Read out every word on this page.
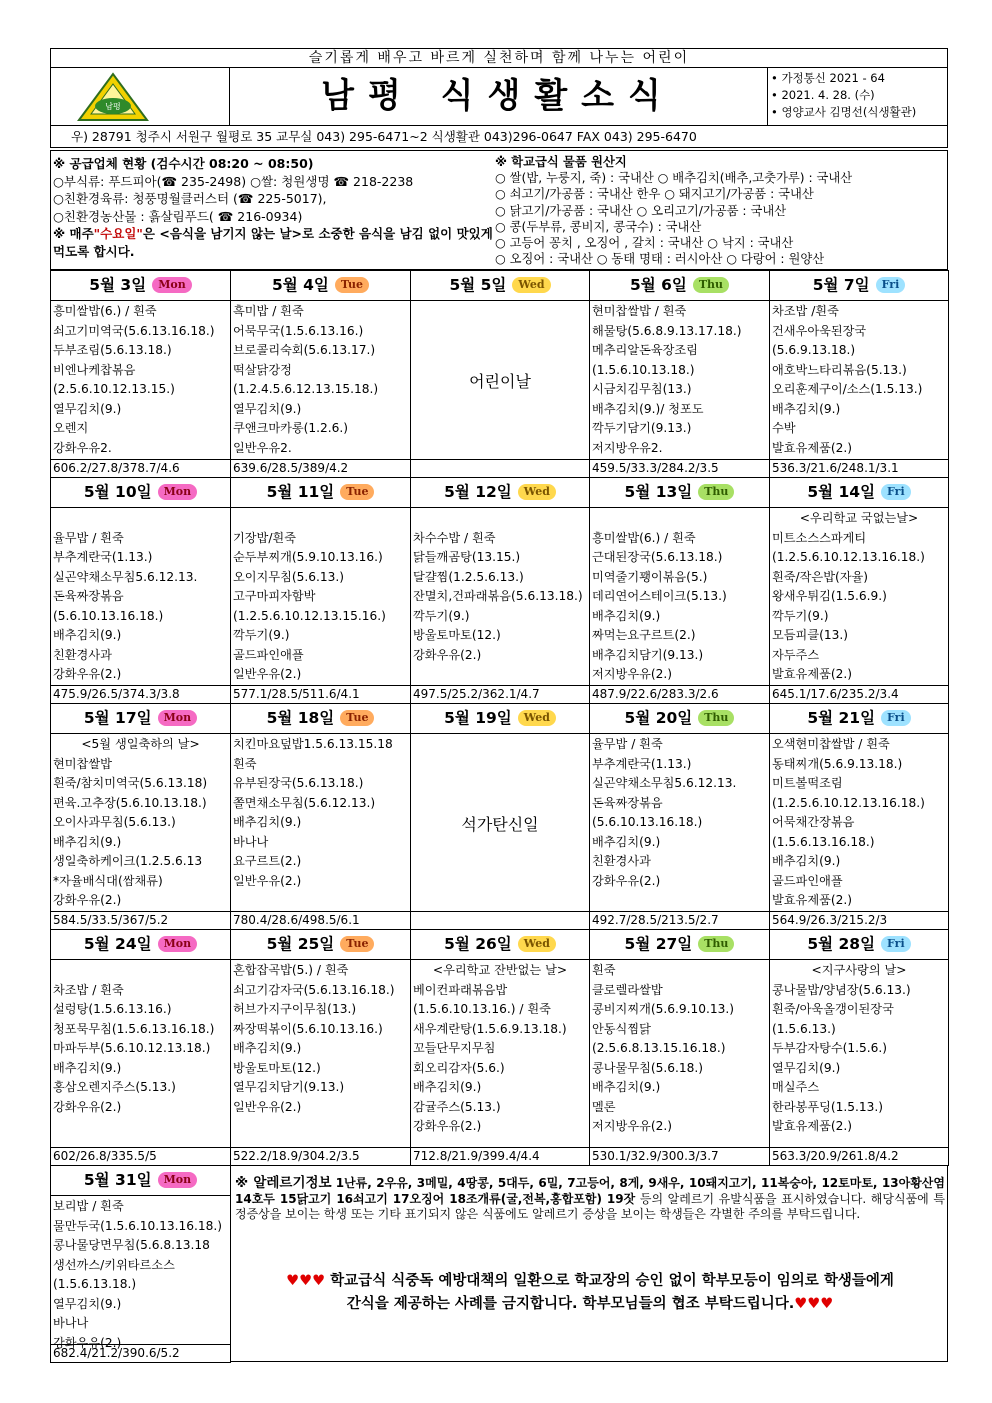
슬기롭게 배우고 바르게 실천하며 함께 나누는 어린이
남평	남평 식생활소식	• 가정통신 2021 - 64
• 2021. 4. 28. (수)
• 영양교사 김명선(식생활관)
우) 28791 청주시 서원구 월평로 35 교무실 043) 295-6471~2 식생활관 043)296-0647 FAX 043) 295-6470
※ 공급업체 현황 (검수시간 08:20 ~ 08:50)
○부식류: 푸드피아(☎ 235-2498) ○쌀: 청원생명 ☎ 218-2238
○친환경육류: 청풍명월클러스터 (☎ 225-5017),
○친환경농산물 : 흙살림푸드( ☎ 216-0934)
※ 매주"수요일"은 <음식을 남기지 않는 날>로 소중한 음식을 남김 없이 맛있게 먹도록 합시다.
※ 학교급식 물품 원산지
○ 쌀(밥, 누룽지, 죽) : 국내산 ○ 배추김치(배추,고춧가루) : 국내산
○ 쇠고기/가공품 : 국내산 한우 ○ 돼지고기/가공품 : 국내산
○ 닭고기/가공품 : 국내산 ○ 오리고기/가공품 : 국내산
○ 콩(두부류, 콩비지, 콩국수) : 국내산
○ 고등어 꽁치 , 오징어 , 갈치 : 국내산 ○ 낙지 : 국내산
○ 오징어 : 국내산 ○ 동태 명태 : 러시아산 ○ 다랑어 : 원양산
※ 알레르기정보 1난류, 2우유, 3메밀, 4땅콩, 5대두, 6밀, 7고등어, 8게, 9새우, 10돼지고기, 11복숭아, 12토마토, 13아황산염 14호두 15닭고기 16쇠고기 17오징어 18조개류(굴,전복,홍합포함) 19잣 등의 알레르기 유발식품을 표시하였습니다. 해당식품에 특정증상을 보이는 학생 또는 기타 표기되지 않은 식품에도 알레르기 증상을 보이는 학생들은 각별한 주의를 부탁드립니다.
♥♥♥ 학교급식 식중독 예방대책의 일환으로 학교장의 승인 없이 학부모등이 임의로 학생들에게
간식을 제공하는 사례를 금지합니다. 학부모님들의 협조 부탁드립니다.♥♥♥
5월 3일 Mon
흥미쌀밥(6.) / 흰죽
쇠고기미역국(5.6.13.16.18.)
두부조림(5.6.13.18.)
비엔나케찹볶음(2.5.6.10.12.13.15.)
열무김치(9.)
오렌지
강화우유2.
606.2/27.8/378.7/4.6
5월 4일 Tue
흑미밥 / 흰죽
어묵무국(1.5.6.13.16.)
브로콜리숙회(5.6.13.17.)
떡살닭강정(1.2.4.5.6.12.13.15.18.)
열무김치(9.)
쿠앤크마카롱(1.2.6.)
일반우유2.
639.6/28.5/389/4.2
5월 5일 Wed
어린이날
5월 6일 Thu
현미찹쌀밥 / 흰죽
해물탕(5.6.8.9.13.17.18.)
메추리알돈육장조림(1.5.6.10.13.18.)
시금치김무침(13.)
배추김치(9.)/ 청포도
깍두기담기(9.13.)
저지방우유2.
459.5/33.3/284.2/3.5
5월 7일 Fri
차조밥 /흰죽
건새우아욱된장국(5.6.9.13.18.)
애호박느타리볶음(5.13.)
오리훈제구이/소스(1.5.13.)
배추김치(9.)
수박
발효유제품(2.)
536.3/21.6/248.1/3.1
5월 10일 Mon

율무밥 / 흰죽
부추계란국(1.13.)
실곤약채소무침5.6.12.13.
돈육짜장볶음(5.6.10.13.16.18.)
배추김치(9.)
친환경사과
강화우유(2.)
475.9/26.5/374.3/3.8
5월 11일 Tue

기장밥/흰죽
순두부찌개(5.9.10.13.16.)
오이지무침(5.6.13.)
고구마피자함박(1.2.5.6.10.12.13.15.16.)
깍두기(9.)
골드파인애플
일반우유(2.)
577.1/28.5/511.6/4.1
5월 12일 Wed

차수수밥 / 흰죽
닭들깨곰탕(13.15.)
달걀찜(1.2.5.6.13.)
잔멸치,건파래볶음(5.6.13.18.)
깍두기(9.)
방울토마토(12.)
강화우유(2.)
497.5/25.2/362.1/4.7
5월 13일 Thu

흥미쌀밥(6.) / 흰죽
근대된장국(5.6.13.18.)
미역줄기꽹이볶음(5.)
데리연어스테이크(5.13.)
배추김치(9.)
짜먹는요구르트(2.)
배추김치담기(9.13.)
저지방우유(2.)
487.9/22.6/283.3/2.6
5월 14일 Fri
<우리학교 국없는날>
미트소스스파게티(1.2.5.6.10.12.13.16.18.)
흰죽/작은밥(자율)
왕새우튀김(1.5.6.9.)
깍두기(9.)
모듬피클(13.)
자두주스
발효유제품(2.)
645.1/17.6/235.2/3.4
5월 17일 Mon
<5월 생일축하의 날>
현미찹쌀밥
흰죽/참치미역국(5.6.13.18)
편육.고추장(5.6.10.13.18.)
오이사과무침(5.6.13.)
배추김치(9.)
생일축하케이크(1.2.5.6.13
*자율배식대(쌈채류)
강화우유(2.)
584.5/33.5/367/5.2
5월 18일 Tue
치킨마요덮밥1.5.6.13.15.18
흰죽
유부된장국(5.6.13.18.)
쫄면채소무침(5.6.12.13.)
배추김치(9.)
바나나
요구르트(2.)
일반우유(2.)
780.4/28.6/498.5/6.1
5월 19일 Wed
석가탄신일
5월 20일 Thu
율무밥 / 흰죽
부추계란국(1.13.)
실곤약채소무침5.6.12.13.
돈육짜장볶음(5.6.10.13.16.18.)
배추김치(9.)
친환경사과
강화우유(2.)
492.7/28.5/213.5/2.7
5월 21일 Fri
오색현미찹쌀밥 / 흰죽
동태찌개(5.6.9.13.18.)
미트볼떡조림(1.2.5.6.10.12.13.16.18.)
어묵채간장볶음(1.5.6.13.16.18.)
배추김치(9.)
골드파인애플
발효유제품(2.)
564.9/26.3/215.2/3
5월 24일 Mon

차조밥 / 흰죽
설렁탕(1.5.6.13.16.)
청포묵무침(1.5.6.13.16.18.)
마파두부(5.6.10.12.13.18.)
배추김치(9.)
홍삼오렌지주스(5.13.)
강화우유(2.)
602/26.8/335.5/5
5월 25일 Tue
혼합잡곡밥(5.) / 흰죽
쇠고기감자국(5.6.13.16.18.)
허브가지구이무침(13.)
짜장떡볶이(5.6.10.13.16.)
배추김치(9.)
방울토마토(12.)
열무김치담기(9.13.)
일반우유(2.)
522.2/18.9/304.2/3.5
5월 26일 Wed
<우리학교 잔반없는 날>
베이컨파래볶음밥(1.5.6.10.13.16.) / 흰죽
새우계란탕(1.5.6.9.13.18.)
꼬들단무지무침
회오리감자(5.6.)
배추김치(9.)
감귤주스(5.13.)
강화우유(2.)
712.8/21.9/399.4/4.4
5월 27일 Thu
흰죽
클로렐라쌀밥
콩비지찌개(5.6.9.10.13.)
안동식찜닭(2.5.6.8.13.15.16.18.)
콩나물무침(5.6.18.)
배추김치(9.)
멜론
저지방우유(2.)
530.1/32.9/300.3/3.7
5월 28일 Fri
<지구사랑의 날>
콩나물밥/양념장(5.6.13.)
흰죽/아욱올갱이된장국(1.5.6.13.)
두부감자탕수(1.5.6.)
열무김치(9.)
매실주스
한라봉푸딩(1.5.13.)
발효유제품(2.)
563.3/20.9/261.8/4.2
5월 31일 Mon
보리밥 / 흰죽
물만두국(1.5.6.10.13.16.18.)
콩나물당면무침(5.6.8.13.18
생선까스/키위타르소스(1.5.6.13.18.)
열무김치(9.)
바나나
강화우유(2.)
682.4/21.2/390.6/5.2
